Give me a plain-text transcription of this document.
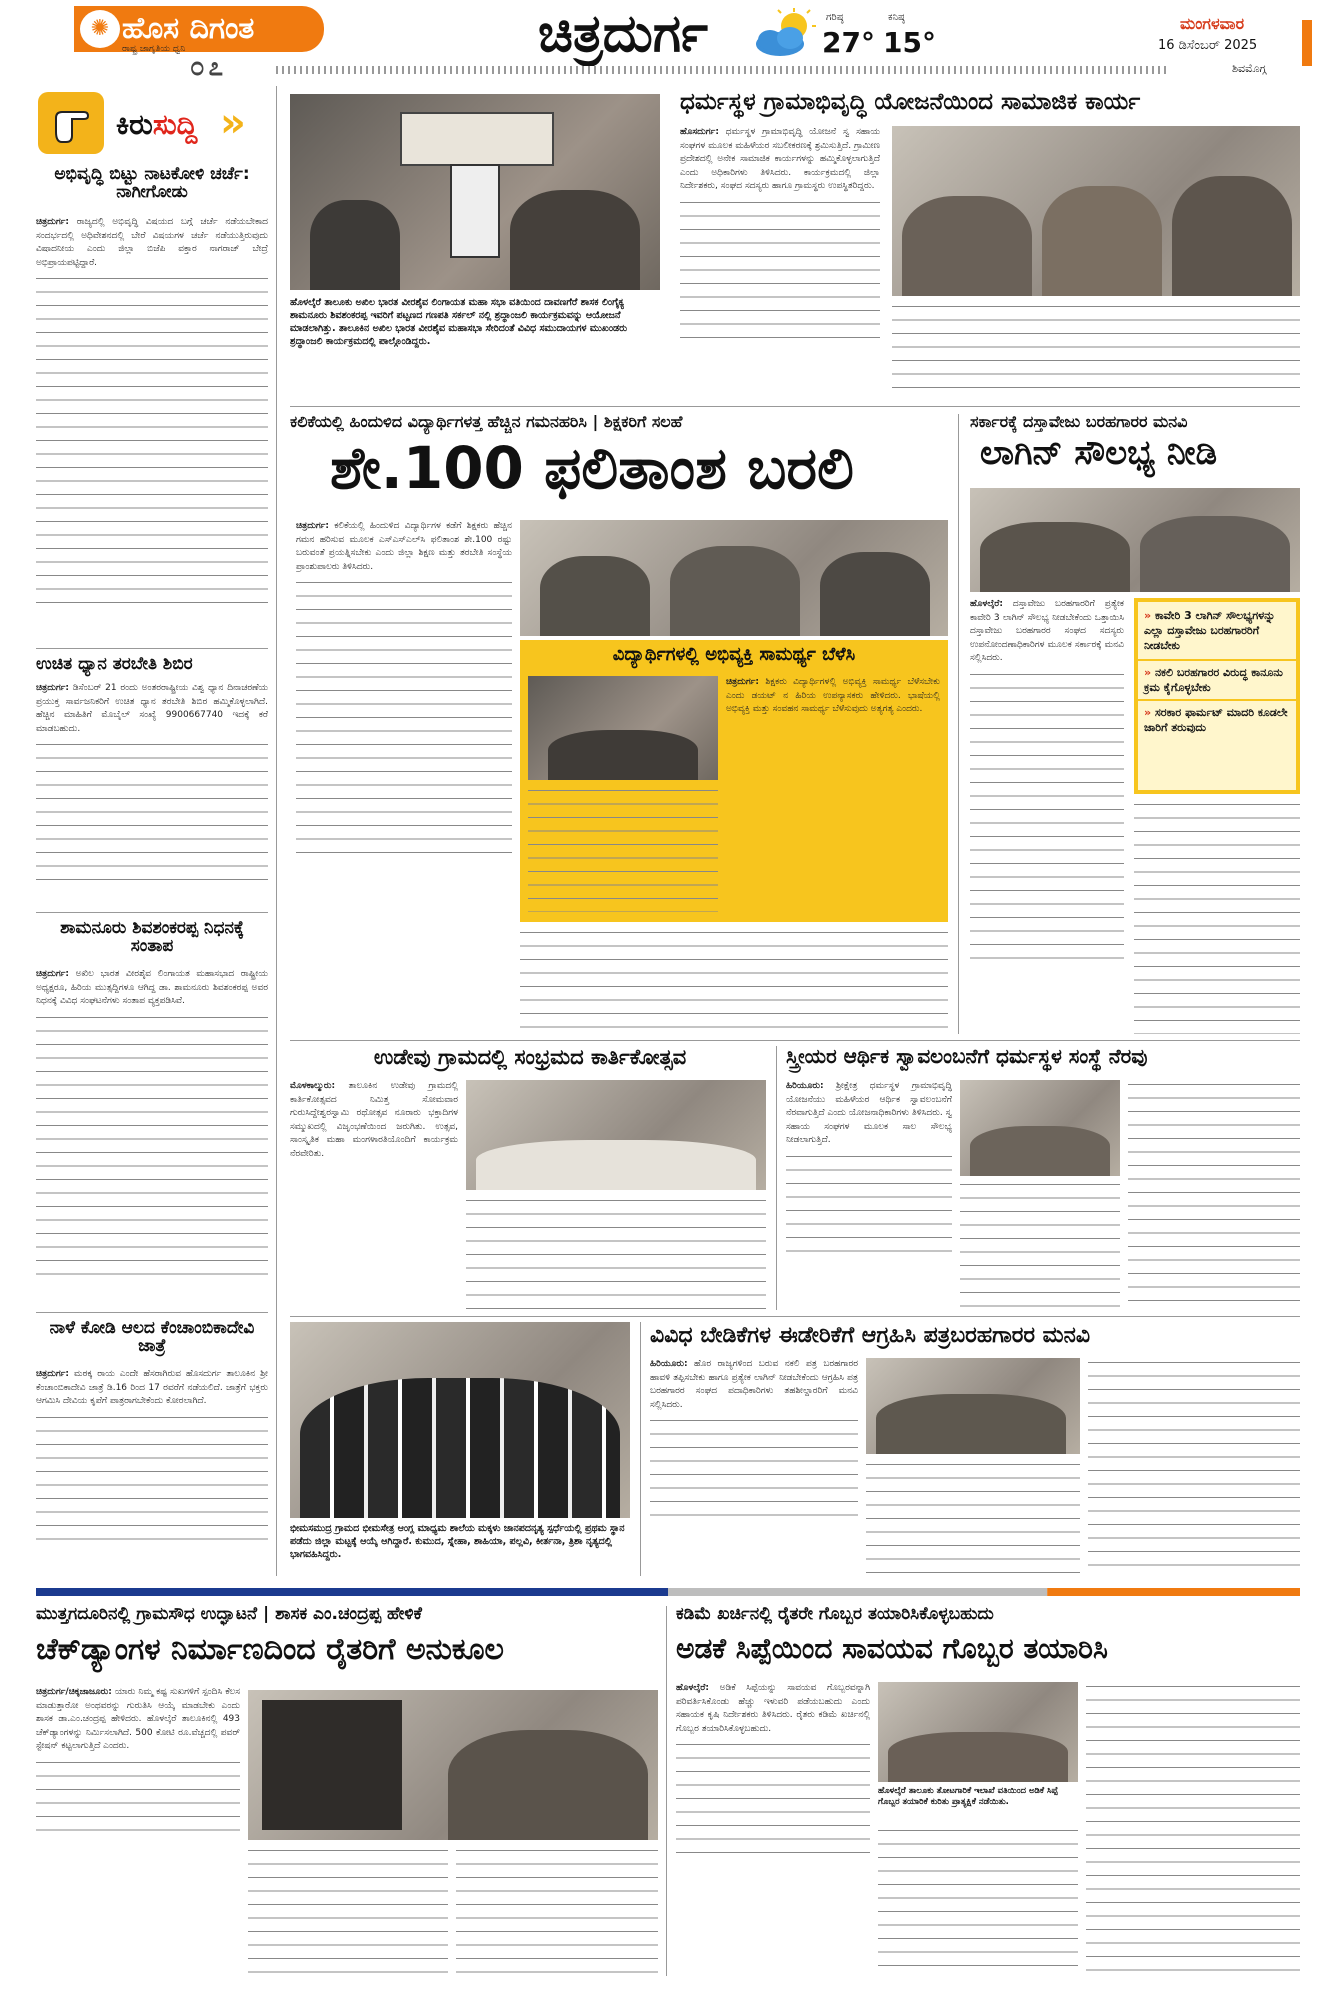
ಹೊಸ ದಿಗಂತ
✺
ರಾಷ್ಟ್ರ ಜಾಗೃತಿಯ ಧ್ವನಿ
೦೭
ಚಿತ್ರದುರ್ಗ	ಗರಿಷ್ಠ	ಕನಿಷ್ಠ
27° 15°
ಮಂಗಳವಾರ
16 ಡಿಸೆಂಬರ್ 2025
ಶಿವಮೊಗ್ಗ
ಕಿರುಸುದ್ದಿ »
ಅಭಿವೃದ್ಧಿ ಬಿಟ್ಟು ನಾಟಕೋಳಿ ಚರ್ಚೆ: ನಾಗೀಗೋಡು
ಚಿತ್ರದುರ್ಗ: ರಾಜ್ಯದಲ್ಲಿ ಅಭಿವೃದ್ಧಿ ವಿಷಯದ ಬಗ್ಗೆ ಚರ್ಚೆ ನಡೆಯಬೇಕಾದ ಸಂದರ್ಭದಲ್ಲಿ ಅಧಿವೇಶನದಲ್ಲಿ ಬೇರೆ ವಿಷಯಗಳ ಚರ್ಚೆ ನಡೆಯುತ್ತಿರುವುದು ವಿಷಾದನೀಯ ಎಂದು ಜಿಲ್ಲಾ ಬಿಜೆಪಿ ವಕ್ತಾರ ನಾಗರಾಜ್ ಬೇದ್ರೆ ಅಭಿಪ್ರಾಯಪಟ್ಟಿದ್ದಾರೆ.
ಉಚಿತ ಧ್ಯಾನ ತರಬೇತಿ ಶಿಬಿರ
ಚಿತ್ರದುರ್ಗ: ಡಿಸೆಂಬರ್ 21 ರಂದು ಅಂತರರಾಷ್ಟ್ರೀಯ ವಿಶ್ವ ಧ್ಯಾನ ದಿನಾಚರಣೆಯ ಪ್ರಯುಕ್ತ ಸಾರ್ವಜನಿಕರಿಗೆ ಉಚಿತ ಧ್ಯಾನ ತರಬೇತಿ ಶಿಬಿರ ಹಮ್ಮಿಕೊಳ್ಳಲಾಗಿದೆ. ಹೆಚ್ಚಿನ ಮಾಹಿತಿಗೆ ಮೊಬೈಲ್ ಸಂಖ್ಯೆ 9900667740 ಇದಕ್ಕೆ ಕರೆ ಮಾಡಬಹುದು.
ಶಾಮನೂರು ಶಿವಶಂಕರಪ್ಪ ನಿಧನಕ್ಕೆ ಸಂತಾಪ
ಚಿತ್ರದುರ್ಗ: ಅಖಿಲ ಭಾರತ ವೀರಶೈವ ಲಿಂಗಾಯತ ಮಹಾಸಭಾದ ರಾಷ್ಟ್ರೀಯ ಅಧ್ಯಕ್ಷರೂ, ಹಿರಿಯ ಮುತ್ಸದ್ದಿಗಳೂ ಆಗಿದ್ದ ಡಾ. ಶಾಮನೂರು ಶಿವಶಂಕರಪ್ಪ ಅವರ ನಿಧನಕ್ಕೆ ವಿವಿಧ ಸಂಘಟನೆಗಳು ಸಂತಾಪ ವ್ಯಕ್ತಪಡಿಸಿವೆ.
ನಾಳೆ ಕೋಡಿ ಆಲದ ಕೆಂಚಾಂಬಿಕಾದೇವಿ ಜಾತ್ರೆ
ಚಿತ್ರದುರ್ಗ: ಮಠಕ್ಕ ರಾಯ ಎಂದೇ ಹೆಸರಾಗಿರುವ ಹೊಸದುರ್ಗ ತಾಲೂಕಿನ ಶ್ರೀ ಕೆಂಚಾಂಬಿಕಾದೇವಿ ಜಾತ್ರೆ ಡಿ.16 ರಿಂದ 17 ರವರೆಗೆ ನಡೆಯಲಿದೆ. ಜಾತ್ರೆಗೆ ಭಕ್ತರು ಆಗಮಿಸಿ ದೇವಿಯ ಕೃಪೆಗೆ ಪಾತ್ರರಾಗಬೇಕೆಂದು ಕೋರಲಾಗಿದೆ.
ಹೊಳಲ್ಕೆರೆ ತಾಲೂಕು ಅಖಿಲ ಭಾರತ ವೀರಶೈವ ಲಿಂಗಾಯತ ಮಹಾ ಸಭಾ ವತಿಯಿಂದ ದಾವಣಗೆರೆ ಶಾಸಕ ಲಿಂಗೈಕ್ಯ ಶಾಮನೂರು ಶಿವಶಂಕರಪ್ಪ ಇವರಿಗೆ ಪಟ್ಟಣದ ಗಣಪತಿ ಸರ್ಕಲ್ ನಲ್ಲಿ ಶ್ರದ್ಧಾಂಜಲಿ ಕಾರ್ಯಕ್ರಮವನ್ನು ಆಯೋಜನೆ ಮಾಡಲಾಗಿತ್ತು. ತಾಲೂಕಿನ ಅಖಿಲ ಭಾರತ ವೀರಶೈವ ಮಹಾಸಭಾ ಸೇರಿದಂತೆ ವಿವಿಧ ಸಮುದಾಯಗಳ ಮುಖಂಡರು ಶ್ರದ್ಧಾಂಜಲಿ ಕಾರ್ಯಕ್ರಮದಲ್ಲಿ ಪಾಲ್ಗೊಂಡಿದ್ದರು.
ಧರ್ಮಸ್ಥಳ ಗ್ರಾಮಾಭಿವೃದ್ಧಿ ಯೋಜನೆಯಿಂದ ಸಾಮಾಜಿಕ ಕಾರ್ಯ
ಹೊಸದುರ್ಗ: ಧರ್ಮಸ್ಥಳ ಗ್ರಾಮಾಭಿವೃದ್ಧಿ ಯೋಜನೆ ಸ್ವ ಸಹಾಯ ಸಂಘಗಳ ಮೂಲಕ ಮಹಿಳೆಯರ ಸಬಲೀಕರಣಕ್ಕೆ ಶ್ರಮಿಸುತ್ತಿದೆ. ಗ್ರಾಮೀಣ ಪ್ರದೇಶದಲ್ಲಿ ಅನೇಕ ಸಾಮಾಜಿಕ ಕಾರ್ಯಗಳನ್ನು ಹಮ್ಮಿಕೊಳ್ಳಲಾಗುತ್ತಿದೆ ಎಂದು ಅಧಿಕಾರಿಗಳು ತಿಳಿಸಿದರು. ಕಾರ್ಯಕ್ರಮದಲ್ಲಿ ಜಿಲ್ಲಾ ನಿರ್ದೇಶಕರು, ಸಂಘದ ಸದಸ್ಯರು ಹಾಗೂ ಗ್ರಾಮಸ್ಥರು ಉಪಸ್ಥಿತರಿದ್ದರು.
ಕಲಿಕೆಯಲ್ಲಿ ಹಿಂದುಳಿದ ವಿದ್ಯಾರ್ಥಿಗಳತ್ತ ಹೆಚ್ಚಿನ ಗಮನಹರಿಸಿ | ಶಿಕ್ಷಕರಿಗೆ ಸಲಹೆ
ಶೇ.100 ಫಲಿತಾಂಶ ಬರಲಿ
ಚಿತ್ರದುರ್ಗ: ಕಲಿಕೆಯಲ್ಲಿ ಹಿಂದುಳಿದ ವಿದ್ಯಾರ್ಥಿಗಳ ಕಡೆಗೆ ಶಿಕ್ಷಕರು ಹೆಚ್ಚಿನ ಗಮನ ಹರಿಸುವ ಮೂಲಕ ಎಸ್ಎಸ್ಎಲ್‌ಸಿ ಫಲಿತಾಂಶ ಶೇ.100 ರಷ್ಟು ಬರುವಂತೆ ಪ್ರಯತ್ನಿಸಬೇಕು ಎಂದು ಜಿಲ್ಲಾ ಶಿಕ್ಷಣ ಮತ್ತು ತರಬೇತಿ ಸಂಸ್ಥೆಯ ಪ್ರಾಂಶುಪಾಲರು ತಿಳಿಸಿದರು.
ವಿದ್ಯಾರ್ಥಿಗಳಲ್ಲಿ ಅಭಿವ್ಯಕ್ತಿ ಸಾಮರ್ಥ್ಯ ಬೆಳೆಸಿ
ಚಿತ್ರದುರ್ಗ: ಶಿಕ್ಷಕರು ವಿದ್ಯಾರ್ಥಿಗಳಲ್ಲಿ ಅಭಿವ್ಯಕ್ತಿ ಸಾಮರ್ಥ್ಯ ಬೆಳೆಸಬೇಕು ಎಂದು ಡಯಟ್ ನ ಹಿರಿಯ ಉಪನ್ಯಾಸಕರು ಹೇಳಿದರು. ಭಾಷೆಯಲ್ಲಿ ಅಭಿವ್ಯಕ್ತಿ ಮತ್ತು ಸಂವಹನ ಸಾಮರ್ಥ್ಯ ಬೆಳೆಸುವುದು ಅತ್ಯಗತ್ಯ ಎಂದರು.
ಸರ್ಕಾರಕ್ಕೆ ದಸ್ತಾವೇಜು ಬರಹಗಾರರ ಮನವಿ
ಲಾಗಿನ್ ಸೌಲಭ್ಯ ನೀಡಿ
ಹೊಳಲ್ಕೆರೆ: ದಸ್ತಾವೇಜು ಬರಹಗಾರರಿಗೆ ಪ್ರತ್ಯೇಕ ಕಾವೇರಿ 3 ಲಾಗಿನ್ ಸೌಲಭ್ಯ ನೀಡಬೇಕೆಂದು ಒತ್ತಾಯಿಸಿ ದಸ್ತಾವೇಜು ಬರಹಗಾರರ ಸಂಘದ ಸದಸ್ಯರು ಉಪನೋಂದಣಾಧಿಕಾರಿಗಳ ಮೂಲಕ ಸರ್ಕಾರಕ್ಕೆ ಮನವಿ ಸಲ್ಲಿಸಿದರು.
» ಕಾವೇರಿ 3 ಲಾಗಿನ್ ಸೌಲಭ್ಯಗಳನ್ನು ಎಲ್ಲಾ ದಸ್ತಾವೇಜು ಬರಹಗಾರರಿಗೆ ನೀಡಬೇಕು
» ನಕಲಿ ಬರಹಗಾರರ ವಿರುದ್ಧ ಕಾನೂನು ಕ್ರಮ ಕೈಗೊಳ್ಳಬೇಕು
» ಸರಕಾರ ಫಾರ್ಮಟ್ ಮಾದರಿ ಕೂಡಲೇ ಜಾರಿಗೆ ತರುವುದು
ಉಡೇವು ಗ್ರಾಮದಲ್ಲಿ ಸಂಭ್ರಮದ ಕಾರ್ತಿಕೋತ್ಸವ
ಮೊಳಕಾಲ್ಮುರು: ತಾಲೂಕಿನ ಉಡೇವು ಗ್ರಾಮದಲ್ಲಿ ಕಾರ್ತಿಕೋತ್ಸವದ ನಿಮಿತ್ತ ಸೋಮವಾರ ಗುರುಸಿದ್ದೇಶ್ವರಸ್ವಾಮಿ ರಥೋತ್ಸವ ನೂರಾರು ಭಕ್ತಾದಿಗಳ ಸಮ್ಮುಖದಲ್ಲಿ ವಿಜೃಂಭಣೆಯಿಂದ ಜರುಗಿತು. ಉತ್ಸವ, ಸಾಂಸ್ಕೃತಿಕ ಮಹಾ ಮಂಗಳಾರತಿಯೊಂದಿಗೆ ಕಾರ್ಯಕ್ರಮ ನೆರವೇರಿತು.
ಸ್ತ್ರೀಯರ ಆರ್ಥಿಕ ಸ್ವಾವಲಂಬನೆಗೆ ಧರ್ಮಸ್ಥಳ ಸಂಸ್ಥೆ ನೆರವು
ಹಿರಿಯೂರು: ಶ್ರೀಕ್ಷೇತ್ರ ಧರ್ಮಸ್ಥಳ ಗ್ರಾಮಾಭಿವೃದ್ಧಿ ಯೋಜನೆಯು ಮಹಿಳೆಯರ ಆರ್ಥಿಕ ಸ್ವಾವಲಂಬನೆಗೆ ನೆರವಾಗುತ್ತಿದೆ ಎಂದು ಯೋಜನಾಧಿಕಾರಿಗಳು ತಿಳಿಸಿದರು. ಸ್ವ ಸಹಾಯ ಸಂಘಗಳ ಮೂಲಕ ಸಾಲ ಸೌಲಭ್ಯ ನೀಡಲಾಗುತ್ತಿದೆ.
ಭೀಮಸಮುದ್ರ ಗ್ರಾಮದ ಭೀಮಸೇತ್ರ ಆಂಗ್ಲ ಮಾಧ್ಯಮ ಶಾಲೆಯ ಮಕ್ಕಳು ಜಾನಪದನೃತ್ಯ ಸ್ಪರ್ಧೆಯಲ್ಲಿ ಪ್ರಥಮ ಸ್ಥಾನ ಪಡೆದು ಜಿಲ್ಲಾ ಮಟ್ಟಕ್ಕೆ ಆಯ್ಕೆ ಆಗಿದ್ದಾರೆ. ಕುಮುದ, ಸ್ನೇಹಾ, ಶಾಹಿಯಾ, ಪಲ್ಲವಿ, ಕೀರ್ತನಾ, ತ್ರಿಶಾ ನೃತ್ಯದಲ್ಲಿ ಭಾಗವಹಿಸಿದ್ದರು.
ವಿವಿಧ ಬೇಡಿಕೆಗಳ ಈಡೇರಿಕೆಗೆ ಆಗ್ರಹಿಸಿ ಪತ್ರಬರಹಗಾರರ ಮನವಿ
ಹಿರಿಯೂರು: ಹೊರ ರಾಜ್ಯಗಳಿಂದ ಬರುವ ನಕಲಿ ಪತ್ರ ಬರಹಗಾರರ ಹಾವಳಿ ತಪ್ಪಿಸಬೇಕು ಹಾಗೂ ಪ್ರತ್ಯೇಕ ಲಾಗಿನ್ ನೀಡಬೇಕೆಂದು ಆಗ್ರಹಿಸಿ ಪತ್ರ ಬರಹಗಾರರ ಸಂಘದ ಪದಾಧಿಕಾರಿಗಳು ತಹಶೀಲ್ದಾರರಿಗೆ ಮನವಿ ಸಲ್ಲಿಸಿದರು.
ಮುತ್ತಗದೂರಿನಲ್ಲಿ ಗ್ರಾಮಸೌಧ ಉದ್ಘಾಟನೆ | ಶಾಸಕ ಎಂ.ಚಂದ್ರಪ್ಪ ಹೇಳಿಕೆ
ಚೆಕ್‌ಡ್ಯಾಂಗಳ ನಿರ್ಮಾಣದಿಂದ ರೈತರಿಗೆ ಅನುಕೂಲ
ಚಿತ್ರದುರ್ಗ/ಚಿಕ್ಕಜಾಜೂರು: ಯಾರು ನಿಮ್ಮ ಕಷ್ಟ ಸುಖಗಳಿಗೆ ಸ್ಪಂದಿಸಿ ಕೆಲಸ ಮಾಡುತ್ತಾರೋ ಅಂಥವರನ್ನು ಗುರುತಿಸಿ ಆಯ್ಕೆ ಮಾಡಬೇಕು ಎಂದು ಶಾಸಕ ಡಾ.ಎಂ.ಚಂದ್ರಪ್ಪ ಹೇಳಿದರು. ಹೊಳಲ್ಕೆರೆ ತಾಲೂಕಿನಲ್ಲಿ 493 ಚೆಕ್‌ಡ್ಯಾಂಗಳನ್ನು ನಿರ್ಮಿಸಲಾಗಿದೆ. 500 ಕೋಟಿ ರೂ.ವೆಚ್ಚದಲ್ಲಿ ಪವರ್ ಸ್ಟೇಷನ್ ಕಟ್ಟಲಾಗುತ್ತಿದೆ ಎಂದರು.
ಕಡಿಮೆ ಖರ್ಚಿನಲ್ಲಿ ರೈತರೇ ಗೊಬ್ಬರ ತಯಾರಿಸಿಕೊಳ್ಳಬಹುದು
ಅಡಕೆ ಸಿಪ್ಪೆಯಿಂದ ಸಾವಯವ ಗೊಬ್ಬರ ತಯಾರಿಸಿ
ಹೊಳಲ್ಕೆರೆ: ಅಡಿಕೆ ಸಿಪ್ಪೆಯನ್ನು ಸಾವಯವ ಗೊಬ್ಬರವನ್ನಾಗಿ ಪರಿವರ್ತಿಸಿಕೊಂಡು ಹೆಚ್ಚು ಇಳುವರಿ ಪಡೆಯಬಹುದು ಎಂದು ಸಹಾಯಕ ಕೃಷಿ ನಿರ್ದೇಶಕರು ತಿಳಿಸಿದರು. ರೈತರು ಕಡಿಮೆ ಖರ್ಚಿನಲ್ಲಿ ಗೊಬ್ಬರ ತಯಾರಿಸಿಕೊಳ್ಳಬಹುದು.
ಹೊಳಲ್ಕೆರೆ ತಾಲೂಕು ತೋಟಗಾರಿಕೆ ಇಲಾಖೆ ವತಿಯಿಂದ ಅಡಿಕೆ ಸಿಪ್ಪೆ ಗೊಬ್ಬರ ತಯಾರಿಕೆ ಕುರಿತು ಪ್ರಾತ್ಯಕ್ಷಿಕೆ ನಡೆಯಿತು.
